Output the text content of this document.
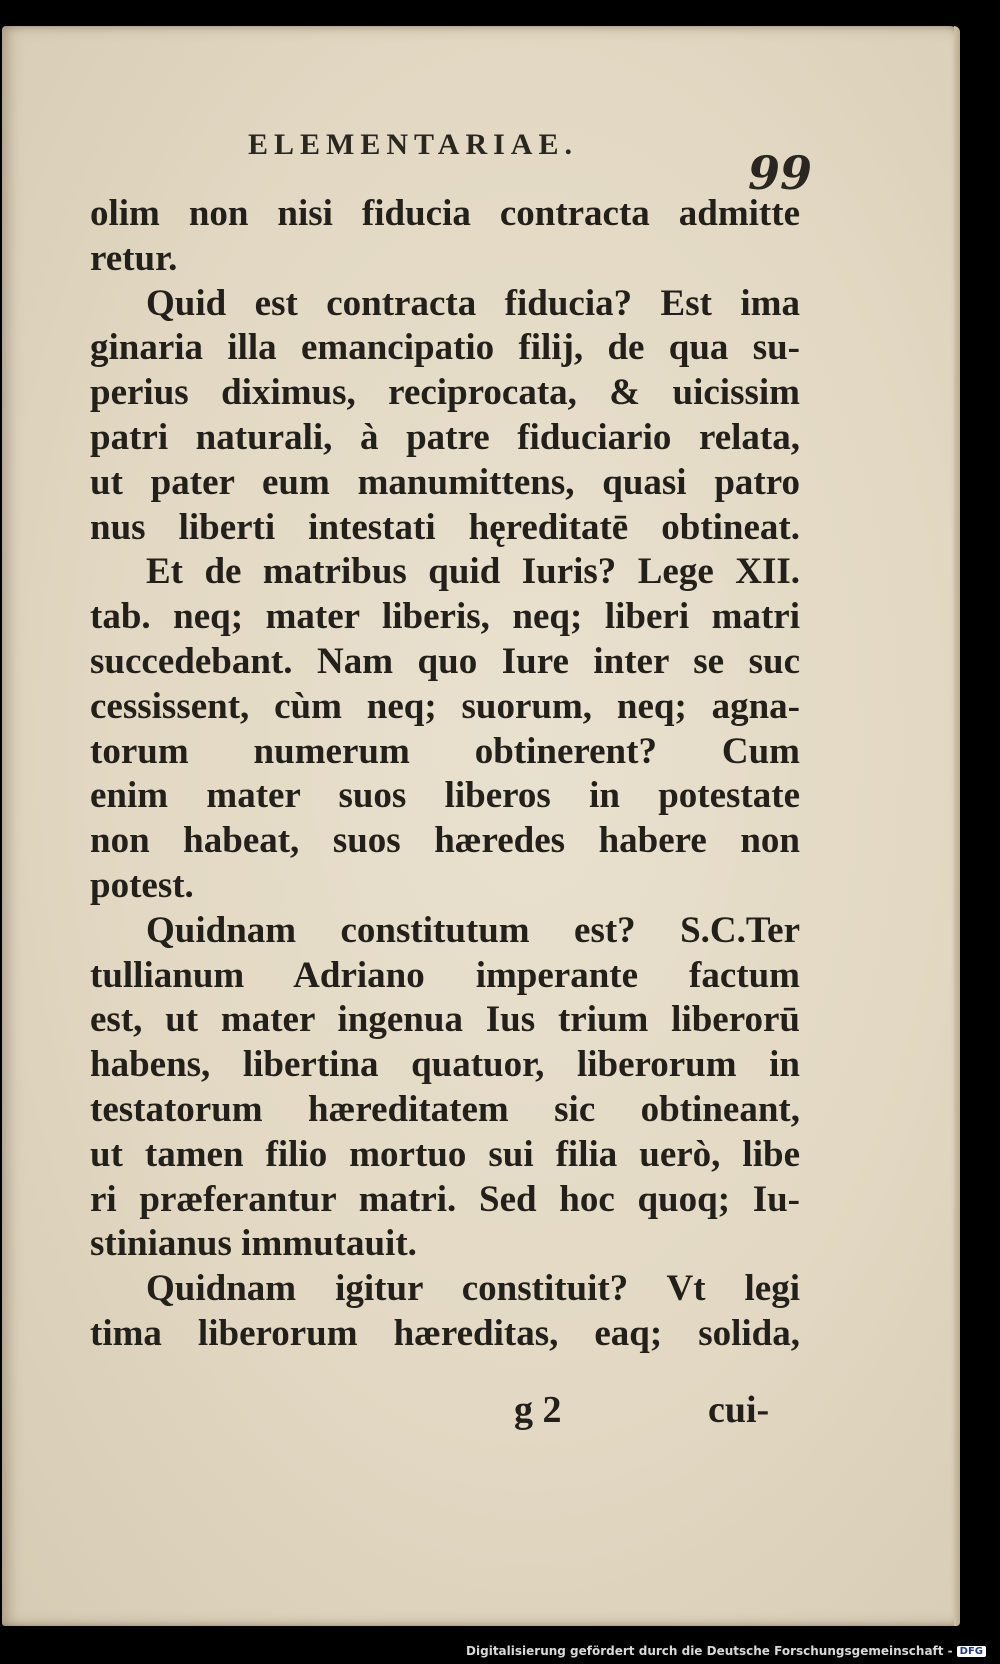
ELEMENTARIAE.
99
olim non nisi fiducia contracta admitte
retur.
Quid est contracta fiducia? Est ima
ginaria illa emancipatio filij, de qua su-
perius diximus, reciprocata, & uicissim
patri naturali, à patre fiduciario relata,
ut pater eum manumittens, quasi patro
nus liberti intestati hęreditatē obtineat.
Et de matribus quid Iuris? Lege XII.
tab. neq; mater liberis, neq; liberi matri
succedebant. Nam quo Iure inter se suc
cessissent, cùm neq; suorum, neq; agna-
torum numerum obtinerent? Cum
enim mater suos liberos in potestate
non habeat, suos hæredes habere non
potest.
Quidnam constitutum est? S.C.Ter
tullianum Adriano imperante factum
est, ut mater ingenua Ius trium liberorū
habens, libertina quatuor, liberorum in
testatorum hæreditatem sic obtineant,
ut tamen filio mortuo sui filia uerò, libe
ri præferantur matri. Sed hoc quoq; Iu-
stinianus immutauit.
Quidnam igitur constituit? Vt legi
tima liberorum hæreditas, eaq; solida,
g 2	cui-
Digitalisierung gefördert durch die Deutsche Forschungsgemeinschaft - DFG
